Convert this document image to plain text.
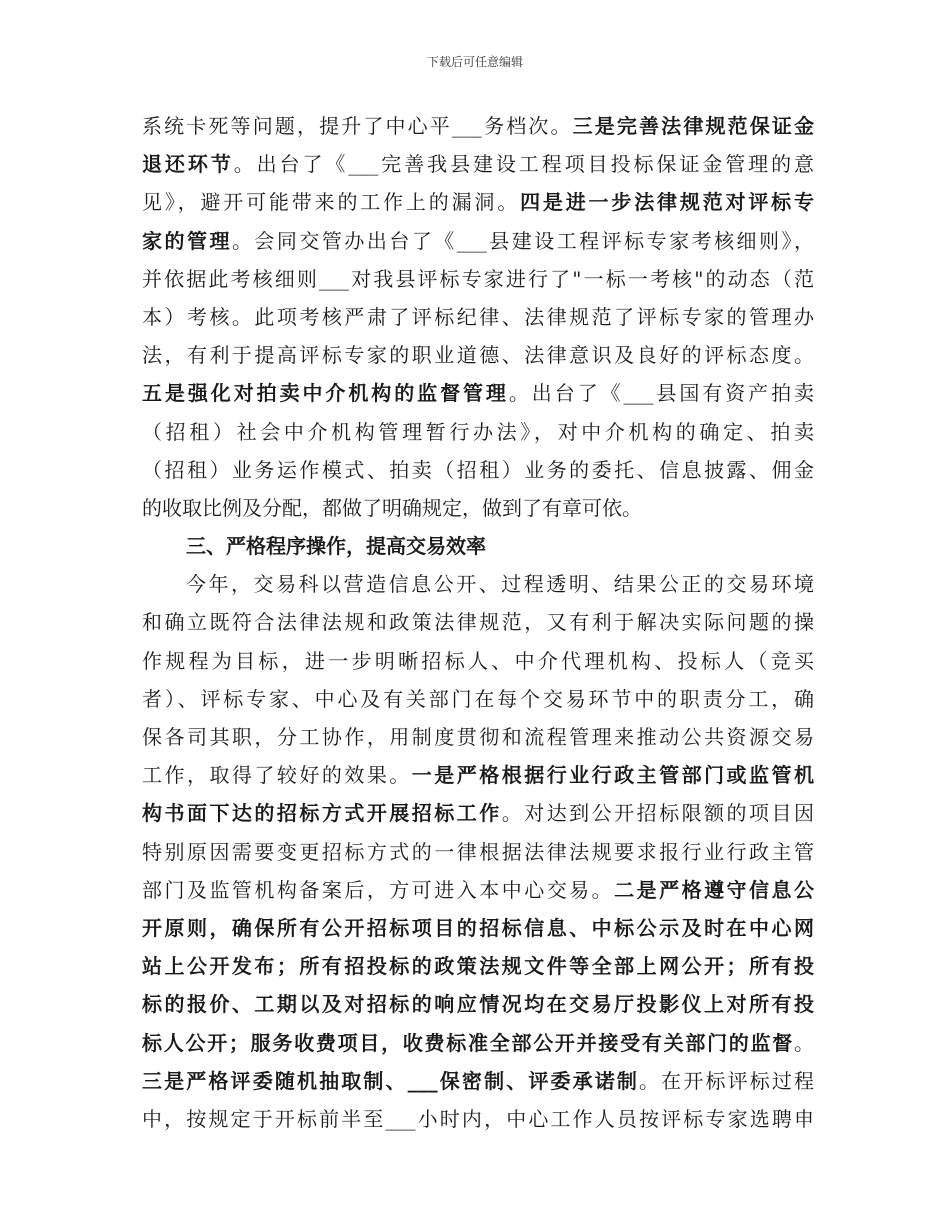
下载后可任意编辑
系统卡死等问题，提升了中心平___务档次。三是完善法律规范保证金
退还环节。出台了《___完善我县建设工程项目投标保证金管理的意
见》，避开可能带来的工作上的漏洞。四是进一步法律规范对评标专
家的管理。会同交管办出台了《___县建设工程评标专家考核细则》，
并依据此考核细则___对我县评标专家进行了"一标一考核"的动态（范
本）考核。此项考核严肃了评标纪律、法律规范了评标专家的管理办
法，有利于提高评标专家的职业道德、法律意识及良好的评标态度。
五是强化对拍卖中介机构的监督管理。出台了《___县国有资产拍卖
（招租）社会中介机构管理暂行办法》，对中介机构的确定、拍卖
（招租）业务运作模式、拍卖（招租）业务的委托、信息披露、佣金
的收取比例及分配，都做了明确规定，做到了有章可依。
三、严格程序操作，提高交易效率
今年，交易科以营造信息公开、过程透明、结果公正的交易环境
和确立既符合法律法规和政策法律规范，又有利于解决实际问题的操
作规程为目标，进一步明晰招标人、中介代理机构、投标人（竞买
者）、评标专家、中心及有关部门在每个交易环节中的职责分工，确
保各司其职，分工协作，用制度贯彻和流程管理来推动公共资源交易
工作，取得了较好的效果。一是严格根据行业行政主管部门或监管机
构书面下达的招标方式开展招标工作。对达到公开招标限额的项目因
特别原因需要变更招标方式的一律根据法律法规要求报行业行政主管
部门及监管机构备案后，方可进入本中心交易。二是严格遵守信息公
开原则，确保所有公开招标项目的招标信息、中标公示及时在中心网
站上公开发布；所有招投标的政策法规文件等全部上网公开；所有投
标的报价、工期以及对招标的响应情况均在交易厅投影仪上对所有投
标人公开；服务收费项目，收费标准全部公开并接受有关部门的监督。
三是严格评委随机抽取制、___保密制、评委承诺制。在开标评标过程
中，按规定于开标前半至___小时内，中心工作人员按评标专家选聘申
